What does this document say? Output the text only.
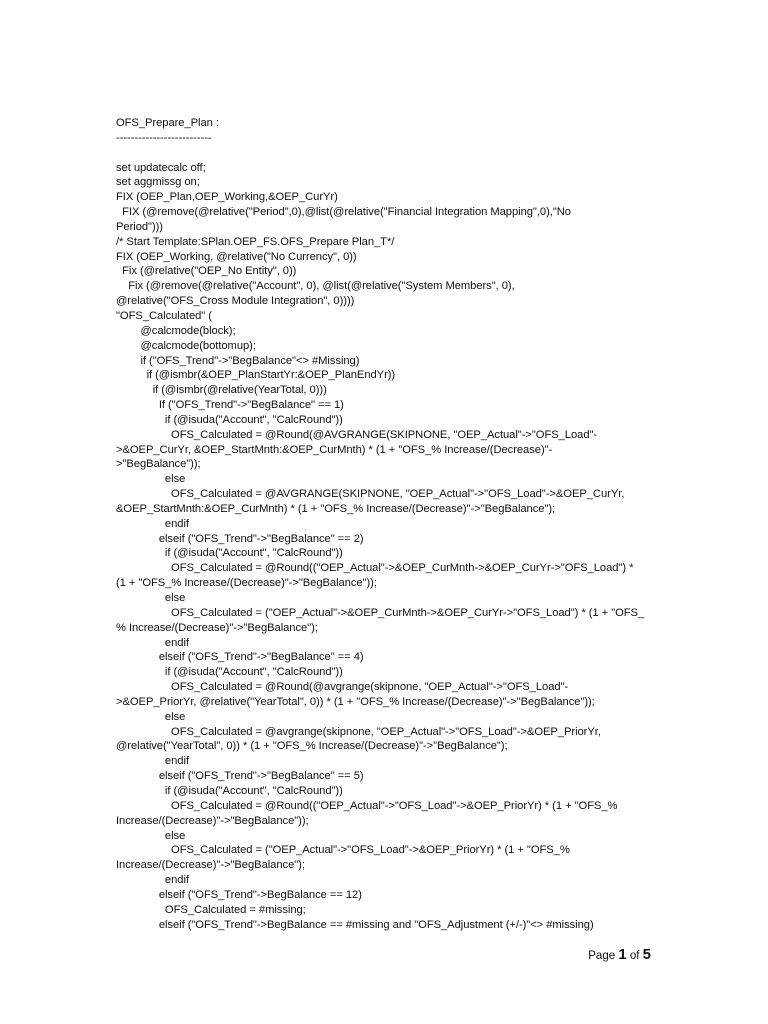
OFS_Prepare_Plan :
--------------------------
set updatecalc off;
set aggmissg on;
FIX (OEP_Plan,OEP_Working,&OEP_CurYr)
FIX (@remove(@relative("Period",0),@list(@relative("Financial Integration Mapping",0),"No
Period")))
/* Start Template:SPlan.OEP_FS.OFS_Prepare Plan_T*/
FIX (OEP_Working, @relative("No Currency", 0))
Fix (@relative("OEP_No Entity", 0))
Fix (@remove(@relative("Account", 0), @list(@relative("System Members", 0),
@relative("OFS_Cross Module Integration", 0))))
"OFS_Calculated" (
@calcmode(block);
@calcmode(bottomup);
if ("OFS_Trend"->"BegBalance"<> #Missing)
if (@ismbr(&OEP_PlanStartYr:&OEP_PlanEndYr))
if (@ismbr(@relative(YearTotal, 0)))
If ("OFS_Trend"->"BegBalance" == 1)
if (@isuda("Account", "CalcRound"))
OFS_Calculated = @Round(@AVGRANGE(SKIPNONE, "OEP_Actual"->"OFS_Load"-
>&OEP_CurYr, &OEP_StartMnth:&OEP_CurMnth) * (1 + "OFS_% Increase/(Decrease)"-
>"BegBalance"));
else
OFS_Calculated = @AVGRANGE(SKIPNONE, "OEP_Actual"->"OFS_Load"->&OEP_CurYr,
&OEP_StartMnth:&OEP_CurMnth) * (1 + "OFS_% Increase/(Decrease)"->"BegBalance");
endif
elseif ("OFS_Trend"->"BegBalance" == 2)
if (@isuda("Account", "CalcRound"))
OFS_Calculated = @Round(("OEP_Actual"->&OEP_CurMnth->&OEP_CurYr->"OFS_Load") *
(1 + "OFS_% Increase/(Decrease)"->"BegBalance"));
else
OFS_Calculated = ("OEP_Actual"->&OEP_CurMnth->&OEP_CurYr->"OFS_Load") * (1 + "OFS_
% Increase/(Decrease)"->"BegBalance");
endif
elseif ("OFS_Trend"->"BegBalance" == 4)
if (@isuda("Account", "CalcRound"))
OFS_Calculated = @Round(@avgrange(skipnone, "OEP_Actual"->"OFS_Load"-
>&OEP_PriorYr, @relative("YearTotal", 0)) * (1 + "OFS_% Increase/(Decrease)"->"BegBalance"));
else
OFS_Calculated = @avgrange(skipnone, "OEP_Actual"->"OFS_Load"->&OEP_PriorYr,
@relative("YearTotal", 0)) * (1 + "OFS_% Increase/(Decrease)"->"BegBalance");
endif
elseif ("OFS_Trend"->"BegBalance" == 5)
if (@isuda("Account", "CalcRound"))
OFS_Calculated = @Round(("OEP_Actual"->"OFS_Load"->&OEP_PriorYr) * (1 + "OFS_%
Increase/(Decrease)"->"BegBalance"));
else
OFS_Calculated = ("OEP_Actual"->"OFS_Load"->&OEP_PriorYr) * (1 + "OFS_%
Increase/(Decrease)"->"BegBalance");
endif
elseif ("OFS_Trend"->BegBalance == 12)
OFS_Calculated = #missing;
elseif ("OFS_Trend"->BegBalance == #missing and "OFS_Adjustment (+/-)"<> #missing)
Page 1 of 5
